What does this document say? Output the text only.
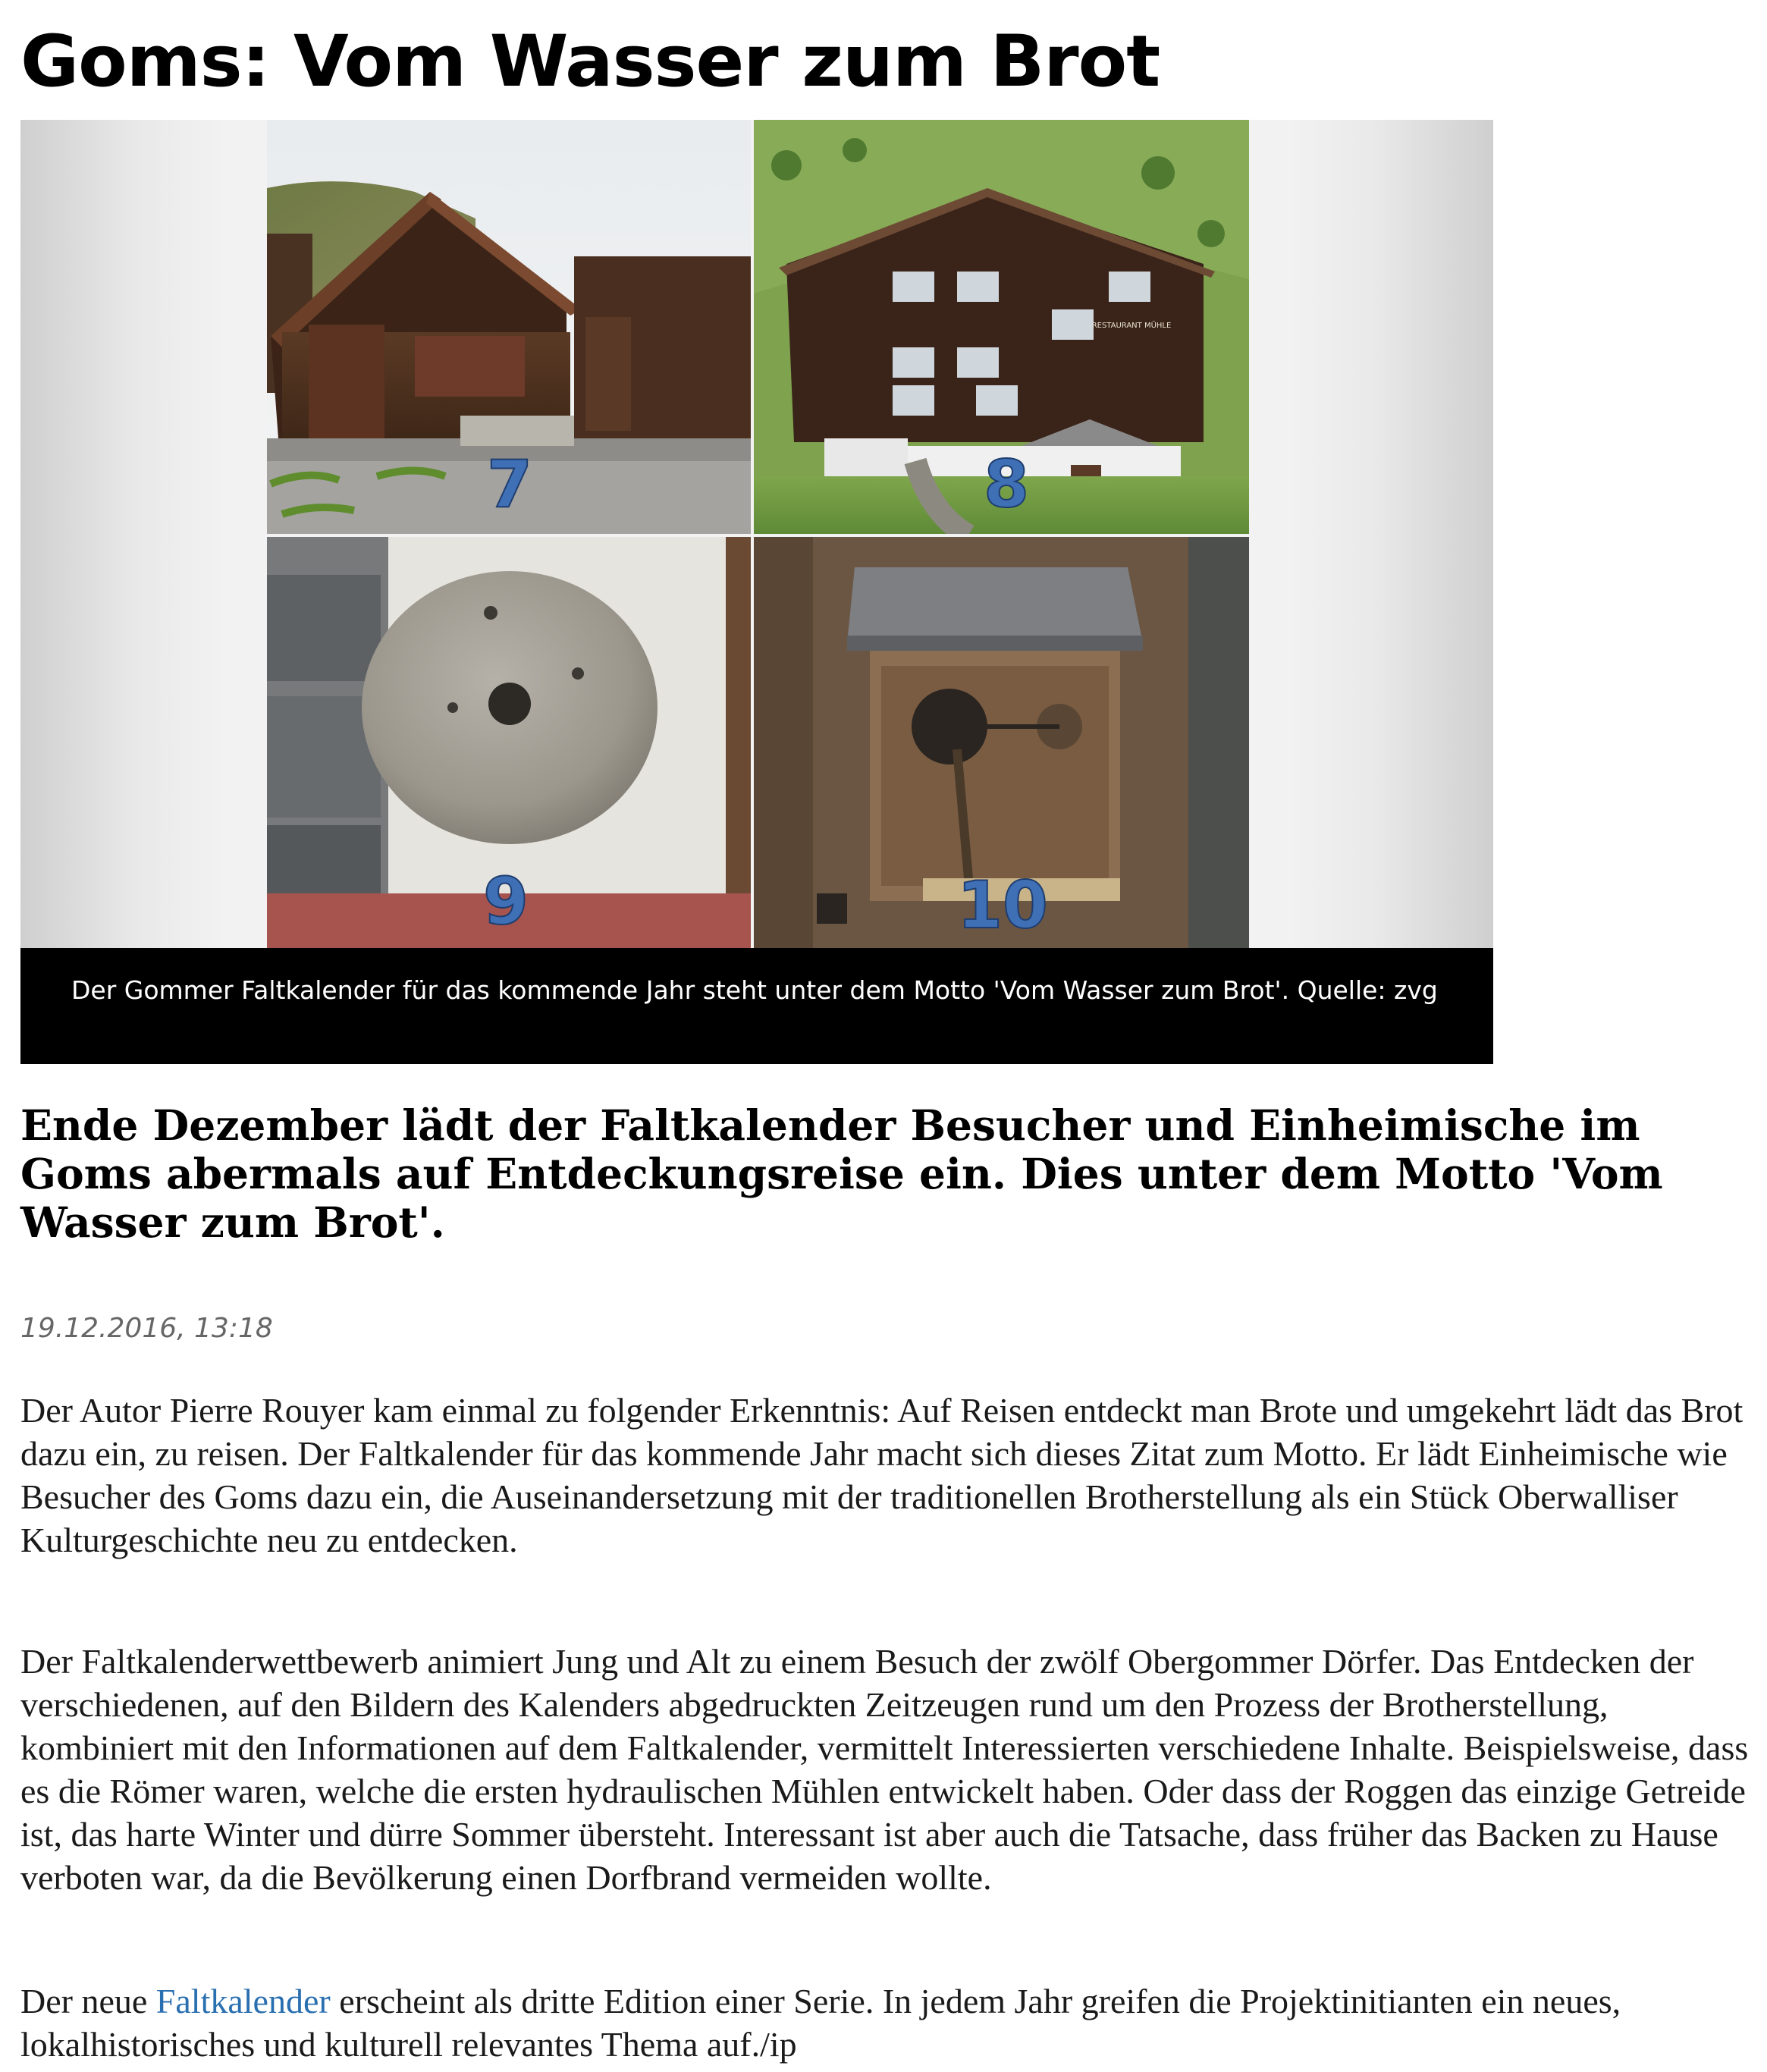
Goms: Vom Wasser zum Brot
7
RESTAURANT MÜHLE
8
9	10
Der Gommer Faltkalender für das kommende Jahr steht unter dem Motto 'Vom Wasser zum Brot'. Quelle: zvg
Ende Dezember lädt der Faltkalender Besucher und Einheimische im Goms abermals auf Entdeckungsreise ein. Dies unter dem Motto 'Vom Wasser zum Brot'.
19.12.2016, 13:18

Der Autor Pierre Rouyer kam einmal zu folgender Erkenntnis: Auf Reisen entdeckt man Brote und umgekehrt lädt das Brot dazu ein, zu reisen. Der Faltkalender für das kommende Jahr macht sich dieses Zitat zum Motto. Er lädt Einheimische wie Besucher des Goms dazu ein, die Auseinandersetzung mit der traditionellen Brotherstellung als ein Stück Oberwalliser Kulturgeschichte neu zu entdecken.

Der Faltkalenderwettbewerb animiert Jung und Alt zu einem Besuch der zwölf Obergommer Dörfer. Das Entdecken der verschiedenen, auf den Bildern des Kalenders abgedruckten Zeitzeugen rund um den Prozess der Brotherstellung, kombiniert mit den Informationen auf dem Faltkalender, vermittelt Interessierten verschiedene Inhalte. Beispielsweise, dass es die Römer waren, welche die ersten hydraulischen Mühlen entwickelt haben. Oder dass der Roggen das einzige Getreide ist, das harte Winter und dürre Sommer übersteht. Interessant ist aber auch die Tatsache, dass früher das Backen zu Hause verboten war, da die Bevölkerung einen Dorfbrand vermeiden wollte.

Der neue Faltkalender erscheint als dritte Edition einer Serie. In jedem Jahr greifen die Projektinitianten ein neues, lokalhistorisches und kulturell relevantes Thema auf./ip
